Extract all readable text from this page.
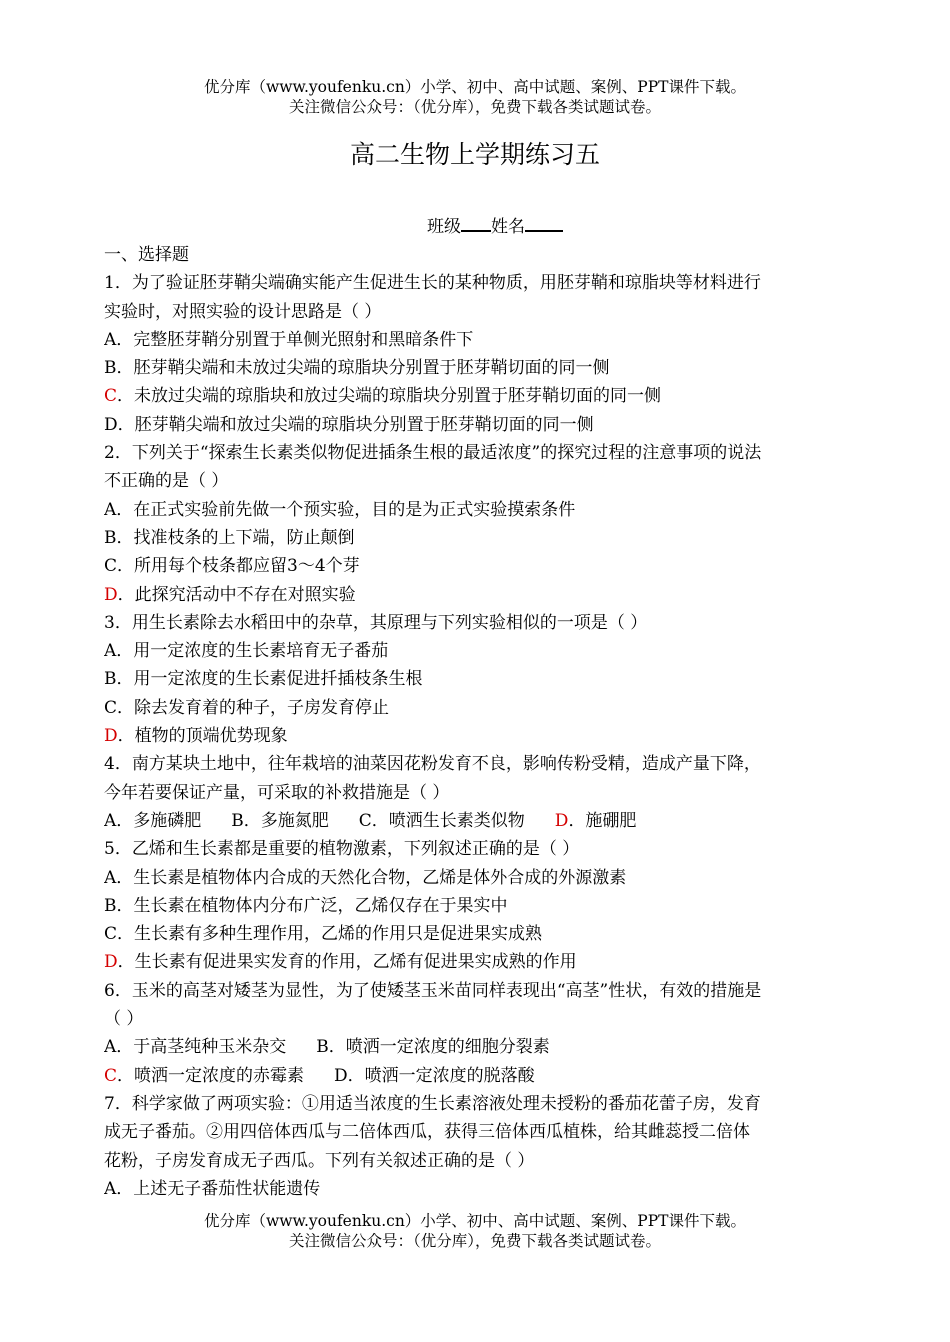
优分库（www.youfenku.cn）小学、初中、高中试题、案例、PPT课件下载。
关注微信公众号：（优分库），免费下载各类试题试卷。
高二生物上学期练习五
班级 姓名
一、选择题
1．为了验证胚芽鞘尖端确实能产生促进生长的某种物质，用胚芽鞘和琼脂块等材料进行
实验时，对照实验的设计思路是（ ）
A．完整胚芽鞘分别置于单侧光照射和黑暗条件下
B．胚芽鞘尖端和未放过尖端的琼脂块分别置于胚芽鞘切面的同一侧
C．未放过尖端的琼脂块和放过尖端的琼脂块分别置于胚芽鞘切面的同一侧
D．胚芽鞘尖端和放过尖端的琼脂块分别置于胚芽鞘切面的同一侧
2．下列关于“探索生长素类似物促进插条生根的最适浓度”的探究过程的注意事项的说法
不正确的是（ ）
A．在正式实验前先做一个预实验，目的是为正式实验摸索条件
B．找准枝条的上下端，防止颠倒
C．所用每个枝条都应留3～4个芽
D．此探究活动中不存在对照实验
3．用生长素除去水稻田中的杂草，其原理与下列实验相似的一项是（ ）
A．用一定浓度的生长素培育无子番茄
B．用一定浓度的生长素促进扦插枝条生根
C．除去发育着的种子，子房发育停止
D．植物的顶端优势现象
4．南方某块土地中，往年栽培的油菜因花粉发育不良，影响传粉受精，造成产量下降，
今年若要保证产量，可采取的补救措施是（ ）
A．多施磷肥 B．多施氮肥 C．喷洒生长素类似物 D．施硼肥
5．乙烯和生长素都是重要的植物激素，下列叙述正确的是（ ）
A．生长素是植物体内合成的天然化合物，乙烯是体外合成的外源激素
B．生长素在植物体内分布广泛，乙烯仅存在于果实中
C．生长素有多种生理作用，乙烯的作用只是促进果实成熟
D．生长素有促进果实发育的作用，乙烯有促进果实成熟的作用
6．玉米的高茎对矮茎为显性，为了使矮茎玉米苗同样表现出“高茎”性状，有效的措施是
（ ）
A．于高茎纯种玉米杂交 B．喷洒一定浓度的细胞分裂素
C．喷洒一定浓度的赤霉素 D．喷洒一定浓度的脱落酸
7．科学家做了两项实验：①用适当浓度的生长素溶液处理未授粉的番茄花蕾子房，发育
成无子番茄。②用四倍体西瓜与二倍体西瓜，获得三倍体西瓜植株，给其雌蕊授二倍体
花粉，子房发育成无子西瓜。下列有关叙述正确的是（ ）
A．上述无子番茄性状能遗传
优分库（www.youfenku.cn）小学、初中、高中试题、案例、PPT课件下载。
关注微信公众号：（优分库），免费下载各类试题试卷。
